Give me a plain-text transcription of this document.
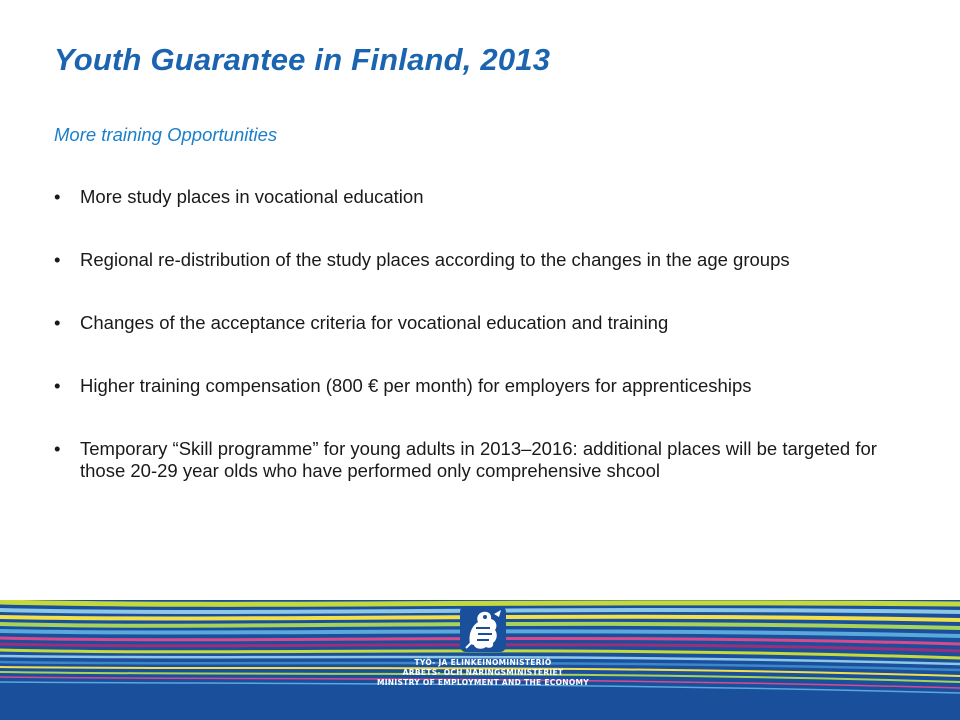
Youth Guarantee in Finland, 2013

More training Opportunities

• More study places in vocational education
• Regional re-distribution of the study places according to the changes in the age groups
• Changes of the acceptance criteria for vocational education and training
• Higher training compensation (800 € per month) for employers for apprenticeships
• Temporary “Skill programme” for young adults in 2013–2016: additional places will be targeted for those 20-29 year olds who have performed only comprehensive shcool
TYÖ- JA ELINKEINOMINISTERIÖ
ARBETS- OCH NÄRINGSMINISTERIET
MINISTRY OF EMPLOYMENT AND THE ECONOMY
